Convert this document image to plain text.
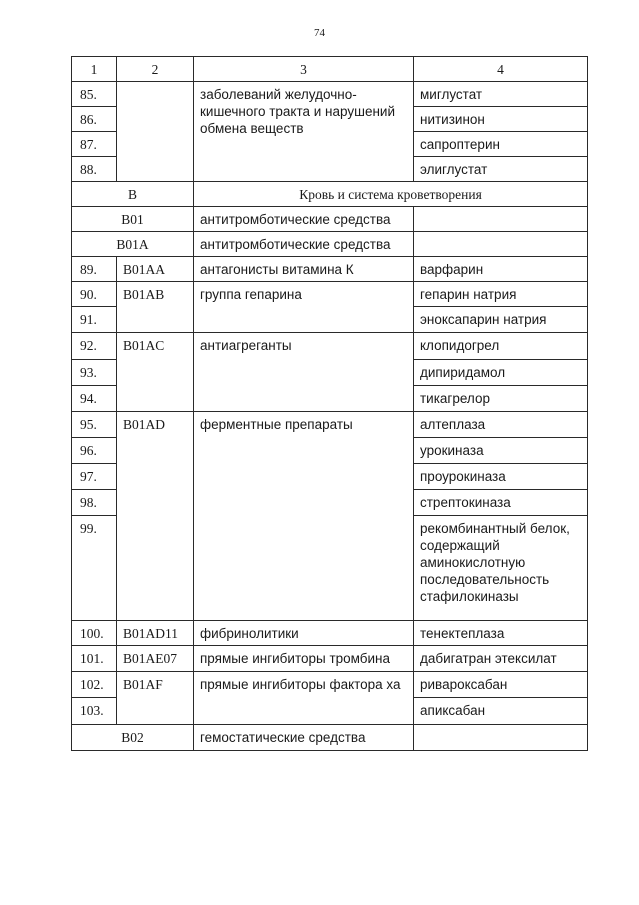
74
1	2	3	4
85.		заболеваний желудочно-кишечного тракта и нарушений обмена веществ	миглустат
86.			нитизинон
87.			сапроптерин
88.			элиглустат
B		Кровь и система кроветворения	
B01		антитромботические средства	
B01A		антитромботические средства	
89.	B01AA	антагонисты витамина К	варфарин
90.	B01AB	группа гепарина	гепарин натрия
91.			эноксапарин натрия
92.	B01AC	антиагреганты	клопидогрел
93.			дипиридамол
94.			тикагрелор
95.	B01AD	ферментные препараты	алтеплаза
96.			урокиназа
97.			проурокиназа
98.			стрептокиназа
99.			рекомбинантный белок, содержащий аминокислотную последовательность стафилокиназы
100.	B01AD11	фибринолитики	тенектеплаза
101.	B01AE07	прямые ингибиторы тромбина	дабигатран этексилат
102.	B01AF	прямые ингибиторы фактора ха	ривароксабан
103.			апиксабан
B02		гемостатические средства	
